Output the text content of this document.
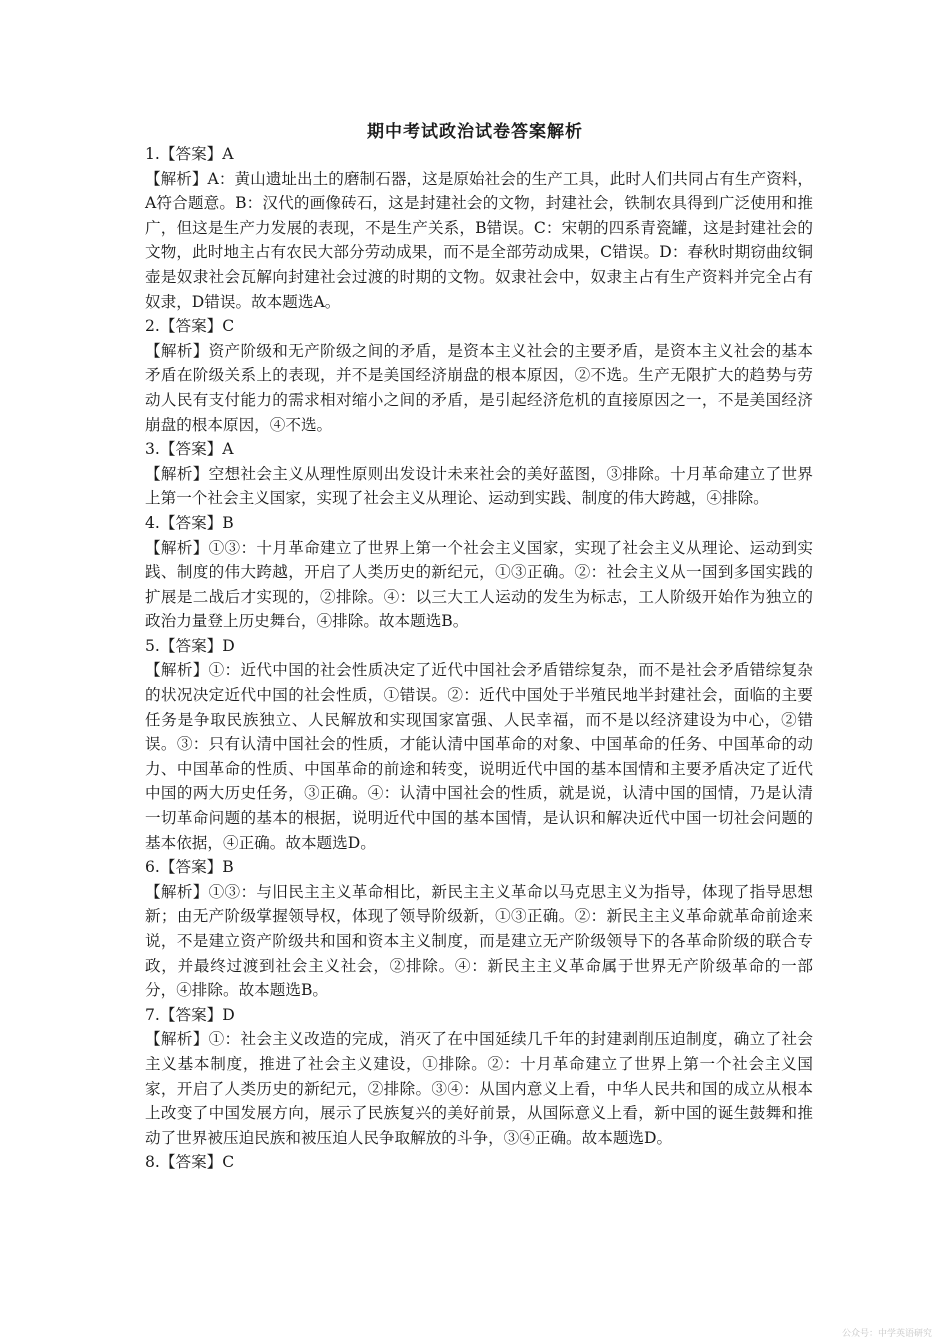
期中考试政治试卷答案解析

1.【答案】A

【解析】A：黄山遗址出土的磨制石器，这是原始社会的生产工具，此时人们共同占有生产资料，A符合题意。B：汉代的画像砖石，这是封建社会的文物，封建社会，铁制农具得到广泛使用和推广，但这是生产力发展的表现，不是生产关系，B错误。C：宋朝的四系青瓷罐，这是封建社会的文物，此时地主占有农民大部分劳动成果，而不是全部劳动成果，C错误。D：春秋时期窃曲纹铜壶是奴隶社会瓦解向封建社会过渡的时期的文物。奴隶社会中，奴隶主占有生产资料并完全占有奴隶，D错误。故本题选A。

2.【答案】C

【解析】资产阶级和无产阶级之间的矛盾，是资本主义社会的主要矛盾，是资本主义社会的基本矛盾在阶级关系上的表现，并不是美国经济崩盘的根本原因，②不选。生产无限扩大的趋势与劳动人民有支付能力的需求相对缩小之间的矛盾，是引起经济危机的直接原因之一，不是美国经济崩盘的根本原因，④不选。

3.【答案】A

【解析】空想社会主义从理性原则出发设计未来社会的美好蓝图，③排除。十月革命建立了世界上第一个社会主义国家，实现了社会主义从理论、运动到实践、制度的伟大跨越，④排除。

4.【答案】B

【解析】①③：十月革命建立了世界上第一个社会主义国家，实现了社会主义从理论、运动到实践、制度的伟大跨越，开启了人类历史的新纪元，①③正确。②：社会主义从一国到多国实践的扩展是二战后才实现的，②排除。④：以三大工人运动的发生为标志，工人阶级开始作为独立的政治力量登上历史舞台，④排除。故本题选B。

5.【答案】D

【解析】①：近代中国的社会性质决定了近代中国社会矛盾错综复杂，而不是社会矛盾错综复杂的状况决定近代中国的社会性质，①错误。②：近代中国处于半殖民地半封建社会，面临的主要任务是争取民族独立、人民解放和实现国家富强、人民幸福，而不是以经济建设为中心，②错误。③：只有认清中国社会的性质，才能认清中国革命的对象、中国革命的任务、中国革命的动力、中国革命的性质、中国革命的前途和转变，说明近代中国的基本国情和主要矛盾决定了近代中国的两大历史任务，③正确。④：认清中国社会的性质，就是说，认清中国的国情，乃是认清一切革命问题的基本的根据，说明近代中国的基本国情，是认识和解决近代中国一切社会问题的基本依据，④正确。故本题选D。

6.【答案】B

【解析】①③：与旧民主主义革命相比，新民主主义革命以马克思主义为指导，体现了指导思想新；由无产阶级掌握领导权，体现了领导阶级新，①③正确。②：新民主主义革命就革命前途来说，不是建立资产阶级共和国和资本主义制度，而是建立无产阶级领导下的各革命阶级的联合专政，并最终过渡到社会主义社会，②排除。④：新民主主义革命属于世界无产阶级革命的一部分，④排除。故本题选B。

7.【答案】D

【解析】①：社会主义改造的完成，消灭了在中国延续几千年的封建剥削压迫制度，确立了社会主义基本制度，推进了社会主义建设，①排除。②：十月革命建立了世界上第一个社会主义国家，开启了人类历史的新纪元，②排除。③④：从国内意义上看，中华人民共和国的成立从根本上改变了中国发展方向，展示了民族复兴的美好前景，从国际意义上看，新中国的诞生鼓舞和推动了世界被压迫民族和被压迫人民争取解放的斗争，③④正确。故本题选D。

8.【答案】C

公众号：中学英语研究
